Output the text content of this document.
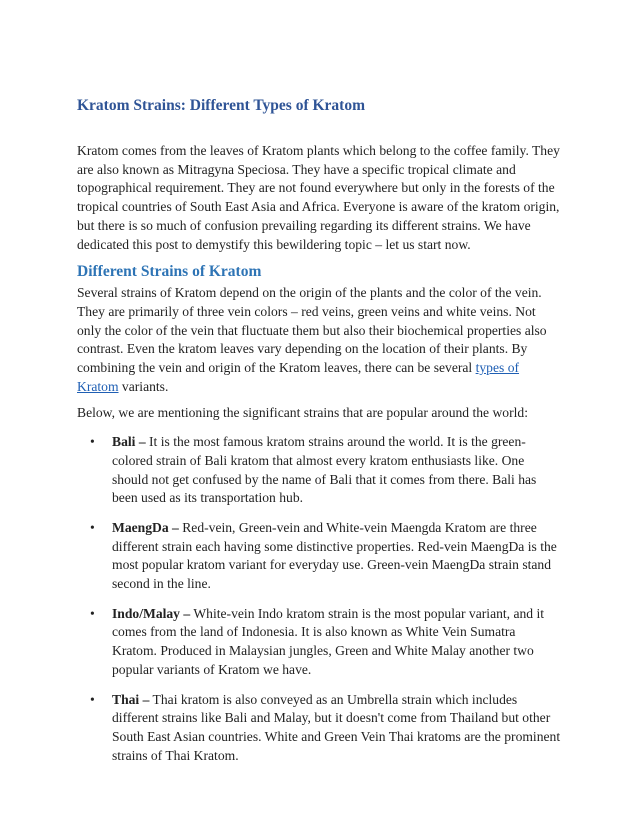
Kratom Strains: Different Types of Kratom

Kratom comes from the leaves of Kratom plants which belong to the coffee family. They are also known as Mitragyna Speciosa. They have a specific tropical climate and topographical requirement. They are not found everywhere but only in the forests of the tropical countries of South East Asia and Africa. Everyone is aware of the kratom origin, but there is so much of confusion prevailing regarding its different strains. We have dedicated this post to demystify this bewildering topic – let us start now.

Different Strains of Kratom

Several strains of Kratom depend on the origin of the plants and the color of the vein. They are primarily of three vein colors – red veins, green veins and white veins. Not only the color of the vein that fluctuate them but also their biochemical properties also contrast. Even the kratom leaves vary depending on the location of their plants. By combining the vein and origin of the Kratom leaves, there can be several types of Kratom variants.

Below, we are mentioning the significant strains that are popular around the world:

• Bali – It is the most famous kratom strains around the world. It is the green-colored strain of Bali kratom that almost every kratom enthusiasts like. One should not get confused by the name of Bali that it comes from there. Bali has been used as its transportation hub.
• MaengDa – Red-vein, Green-vein and White-vein Maengda Kratom are three different strain each having some distinctive properties. Red-vein MaengDa is the most popular kratom variant for everyday use. Green-vein MaengDa strain stand second in the line.
• Indo/Malay – White-vein Indo kratom strain is the most popular variant, and it comes from the land of Indonesia. It is also known as White Vein Sumatra Kratom. Produced in Malaysian jungles, Green and White Malay another two popular variants of Kratom we have.
• Thai – Thai kratom is also conveyed as an Umbrella strain which includes different strains like Bali and Malay, but it doesn't come from Thailand but other South East Asian countries. White and Green Vein Thai kratoms are the prominent strains of Thai Kratom.
